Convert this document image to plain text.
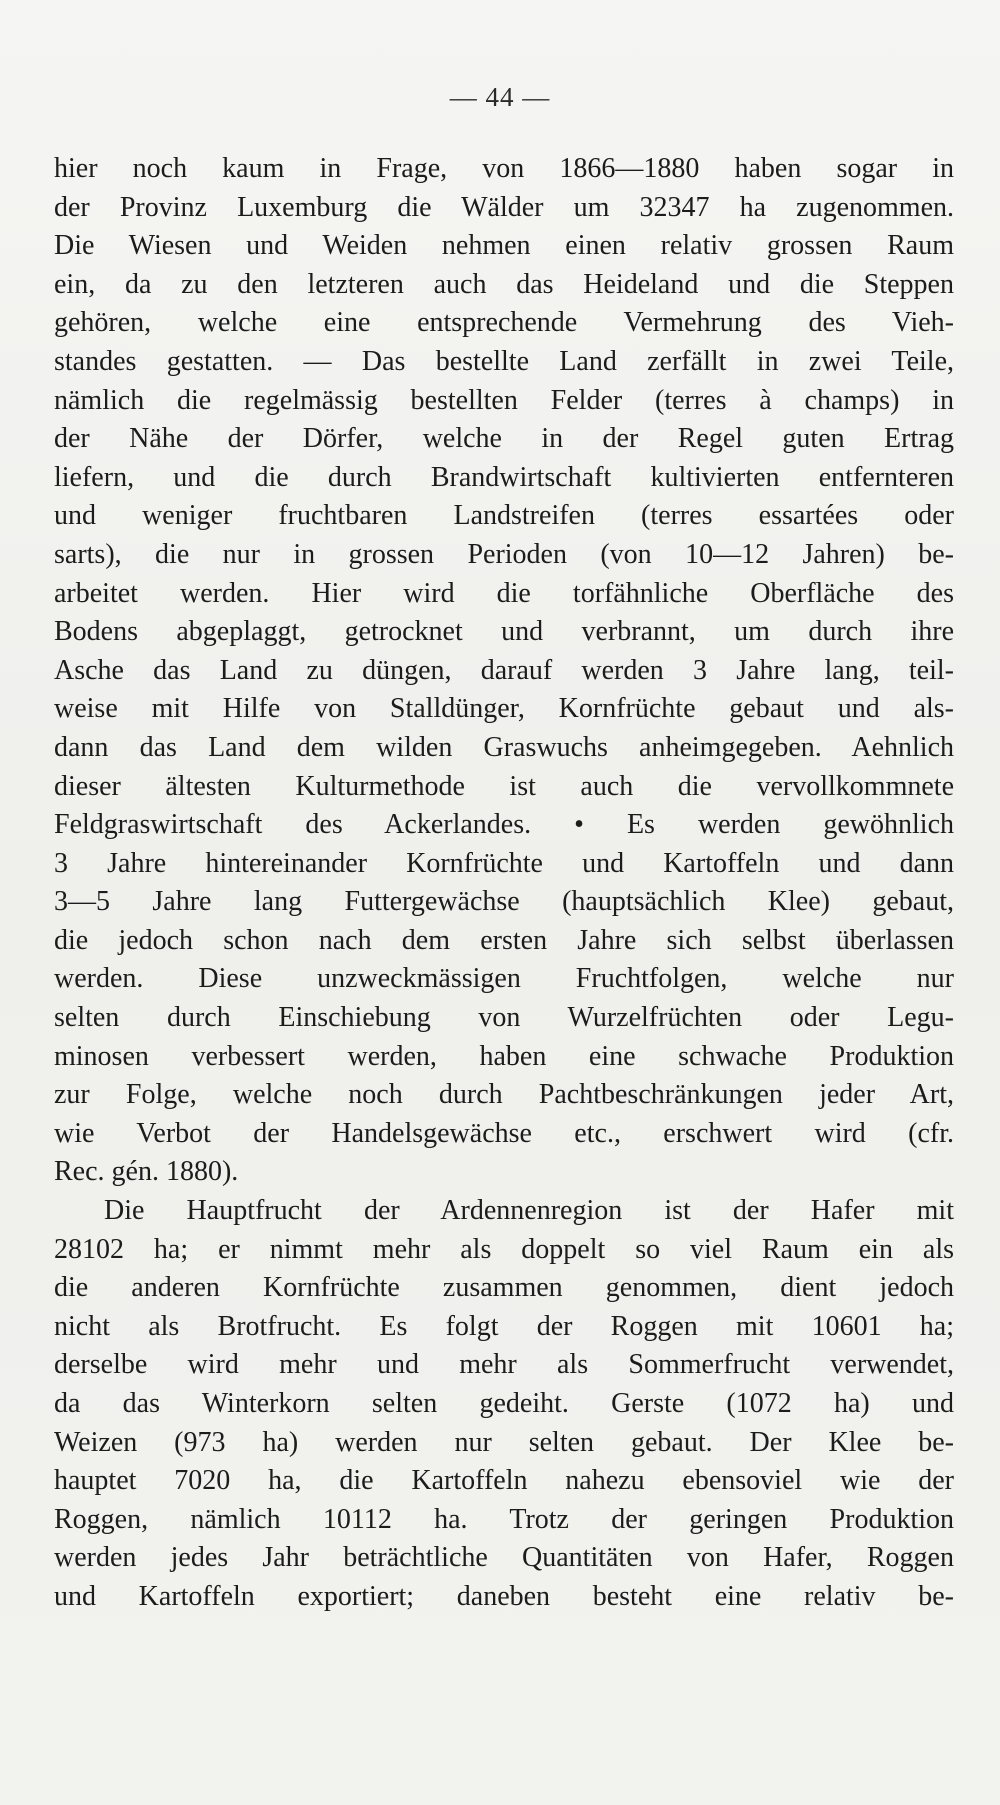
— 44 —
hier noch kaum in Frage, von 1866—1880 haben sogar in
der Provinz Luxemburg die Wälder um 32347 ha zugenommen.
Die Wiesen und Weiden nehmen einen relativ grossen Raum
ein, da zu den letzteren auch das Heideland und die Steppen
gehören, welche eine entsprechende Vermehrung des Vieh-
standes gestatten. — Das bestellte Land zerfällt in zwei Teile,
nämlich die regelmässig bestellten Felder (terres à champs) in
der Nähe der Dörfer, welche in der Regel guten Ertrag
liefern, und die durch Brandwirtschaft kultivierten entfernteren
und weniger fruchtbaren Landstreifen (terres essartées oder
sarts), die nur in grossen Perioden (von 10—12 Jahren) be-
arbeitet werden. Hier wird die torfähnliche Oberfläche des
Bodens abgeplaggt, getrocknet und verbrannt, um durch ihre
Asche das Land zu düngen, darauf werden 3 Jahre lang, teil-
weise mit Hilfe von Stalldünger, Kornfrüchte gebaut und als-
dann das Land dem wilden Graswuchs anheimgegeben. Aehnlich
dieser ältesten Kulturmethode ist auch die vervollkommnete
Feldgraswirtschaft des Ackerlandes. • Es werden gewöhnlich
3 Jahre hintereinander Kornfrüchte und Kartoffeln und dann
3—5 Jahre lang Futtergewächse (hauptsächlich Klee) gebaut,
die jedoch schon nach dem ersten Jahre sich selbst überlassen
werden. Diese unzweckmässigen Fruchtfolgen, welche nur
selten durch Einschiebung von Wurzelfrüchten oder Legu-
minosen verbessert werden, haben eine schwache Produktion
zur Folge, welche noch durch Pachtbeschränkungen jeder Art,
wie Verbot der Handelsgewächse etc., erschwert wird (cfr.
Rec. gén. 1880).
Die Hauptfrucht der Ardennenregion ist der Hafer mit
28102 ha; er nimmt mehr als doppelt so viel Raum ein als
die anderen Kornfrüchte zusammen genommen, dient jedoch
nicht als Brotfrucht. Es folgt der Roggen mit 10601 ha;
derselbe wird mehr und mehr als Sommerfrucht verwendet,
da das Winterkorn selten gedeiht. Gerste (1072 ha) und
Weizen (973 ha) werden nur selten gebaut. Der Klee be-
hauptet 7020 ha, die Kartoffeln nahezu ebensoviel wie der
Roggen, nämlich 10112 ha. Trotz der geringen Produktion
werden jedes Jahr beträchtliche Quantitäten von Hafer, Roggen
und Kartoffeln exportiert; daneben besteht eine relativ be-
